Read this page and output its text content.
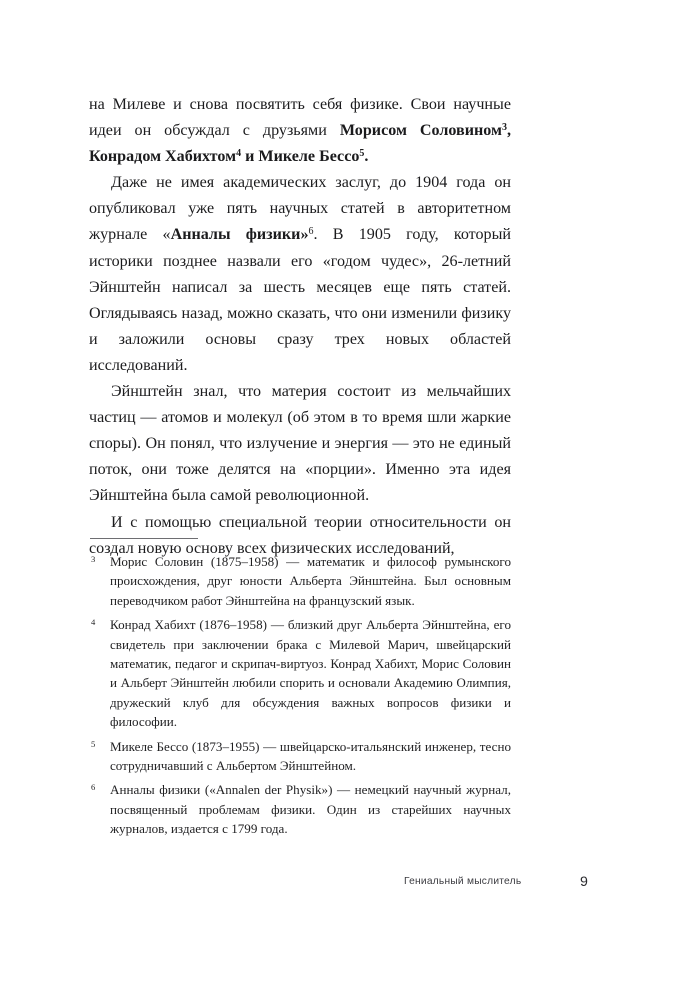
на Милеве и снова посвятить себя физике. Свои научные идеи он обсуждал с друзьями Морисом Соловином$^3$, Конрадом Хабихтом$^4$ и Микеле Бессо$^5$.

Даже не имея академических заслуг, до 1904 года он опубликовал уже пять научных статей в авторитетном журнале «Анналы физики»$^6$. В 1905 году, который историки позднее назвали его «годом чудес», 26-летний Эйнштейн написал за шесть месяцев еще пять статей. Оглядываясь назад, можно сказать, что они изменили физику и заложили основы сразу трех новых областей исследований.

Эйнштейн знал, что материя состоит из мельчайших частиц — атомов и молекул (об этом в то время шли жаркие споры). Он понял, что излучение и энергия — это не единый поток, они тоже делятся на «порции». Именно эта идея Эйнштейна была самой революционной.

И с помощью специальной теории относительности он создал новую основу всех физических исследований,

3 Морис Соловин (1875–1958) — математик и философ румынского происхождения, друг юности Альберта Эйнштейна. Был основным переводчиком работ Эйнштейна на французский язык.
4 Конрад Хабихт (1876–1958) — близкий друг Альберта Эйнштейна, его свидетель при заключении брака с Милевой Марич, швейцарский математик, педагог и скрипач-виртуоз. Конрад Хабихт, Морис Соловин и Альберт Эйнштейн любили спорить и основали Академию Олимпия, дружеский клуб для обсуждения важных вопросов физики и философии.
5 Микеле Бессо (1873–1955) — швейцарско-итальянский инженер, тесно сотрудничавший с Альбертом Эйнштейном.
6 Анналы физики («Annalen der Physik») — немецкий научный журнал, посвященный проблемам физики. Один из старейших научных журналов, издается с 1799 года.
Гениальный мыслитель	9
